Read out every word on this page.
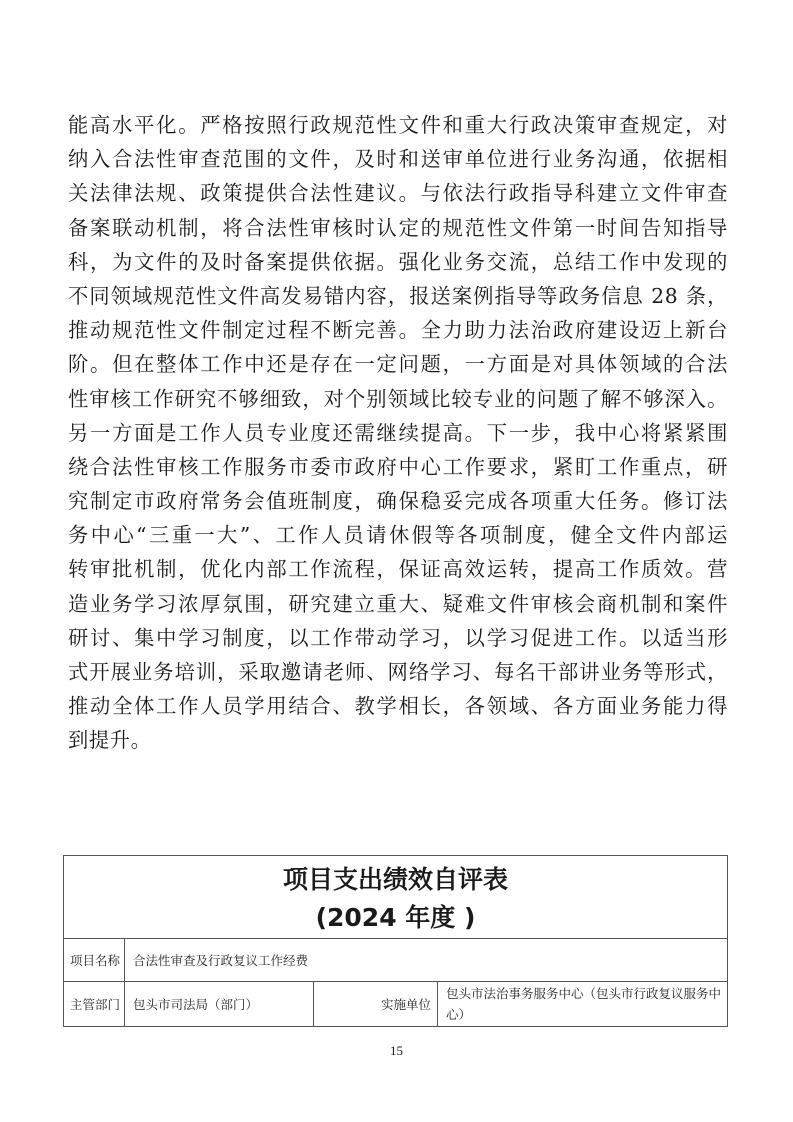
能高水平化。严格按照行政规范性文件和重大行政决策审查规定，对
纳入合法性审查范围的文件，及时和送审单位进行业务沟通，依据相
关法律法规、政策提供合法性建议。与依法行政指导科建立文件审查
备案联动机制，将合法性审核时认定的规范性文件第一时间告知指导
科，为文件的及时备案提供依据。强化业务交流，总结工作中发现的
不同领域规范性文件高发易错内容，报送案例指导等政务信息 28 条，
推动规范性文件制定过程不断完善。全力助力法治政府建设迈上新台
阶。但在整体工作中还是存在一定问题，一方面是对具体领域的合法
性审核工作研究不够细致，对个别领域比较专业的问题了解不够深入。
另一方面是工作人员专业度还需继续提高。下一步，我中心将紧紧围
绕合法性审核工作服务市委市政府中心工作要求，紧盯工作重点，研
究制定市政府常务会值班制度，确保稳妥完成各项重大任务。修订法
务中心“三重一大”、工作人员请休假等各项制度，健全文件内部运
转审批机制，优化内部工作流程，保证高效运转，提高工作质效。营
造业务学习浓厚氛围，研究建立重大、疑难文件审核会商机制和案件
研讨、集中学习制度，以工作带动学习，以学习促进工作。以适当形
式开展业务培训，采取邀请老师、网络学习、每名干部讲业务等形式，
推动全体工作人员学用结合、教学相长，各领域、各方面业务能力得
到提升。
项目支出绩效自评表
(2024 年度 )			

项目名称	合法性审查及行政复议工作经费		
主管部门	包头市司法局（部门）	实施单位	包头市法治事务服务中心（包头市行政复议服务中心）
15
